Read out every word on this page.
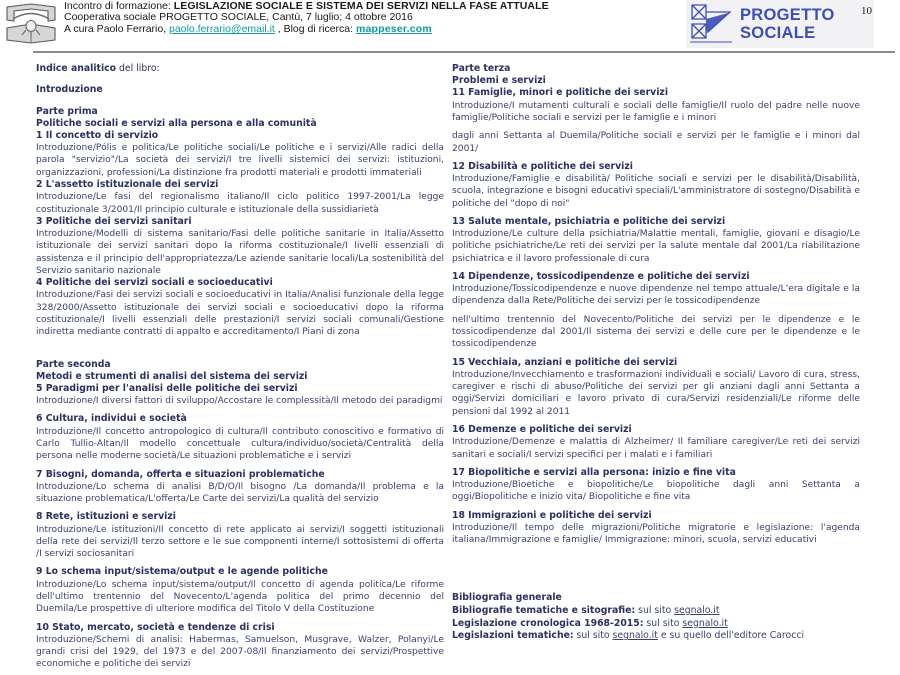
Incontro di formazione: LEGISLAZIONE SOCIALE E SISTEMA DEI SERVIZI NELLA FASE ATTUALE
Cooperativa sociale PROGETTO SOCIALE, Cantù, 7 luglio; 4 ottobre 2016
A cura Paolo Ferrario, paolo.ferrario@email.it , Blog di ricerca: mappeser.com
PROGETTO
SOCIALE
10
Indice analitico del libro:
Introduzione
Parte prima
Politiche sociali e servizi alla persona e alla comunità
1 Il concetto di servizio
Introduzione/Pólis e politica/Le politiche sociali/Le politiche e i servizi/Alle radici della parola "servizio"/La società dei servizi/I tre livelli sistemici dei servizi: istituzioni, organizzazioni, professioni/La distinzione fra prodotti materiali e prodotti immateriali
2 L'assetto istituzionale dei servizi
Introduzione/Le fasi del regionalismo italiano/Il ciclo politico 1997-2001/La legge costituzionale 3/2001/Il principio culturale e istituzionale della sussidiarietà
3 Politiche dei servizi sanitari
Introduzione/Modelli di sistema sanitario/Fasi delle politiche sanitarie in Italia/Assetto istituzionale dei servizi sanitari dopo la riforma costituzionale/I livelli essenziali di assistenza e il principio dell'appropriatezza/Le aziende sanitarie locali/La sostenibilità del Servizio sanitario nazionale
4 Politiche dei servizi sociali e socioeducativi
Introduzione/Fasi dei servizi sociali e socioeducativi in Italia/Analisi funzionale della legge 328/2000/Assetto istituzionale dei servizi sociali e socioeducativi dopo la riforma costituzionale/I livelli essenziali delle prestazioni/I servizi sociali comunali/Gestione indiretta mediante contratti di appalto e accreditamento/I Piani di zona
Parte seconda
Metodi e strumenti di analisi del sistema dei servizi
5 Paradigmi per l'analisi delle politiche dei servizi
Introduzione/I diversi fattori di sviluppo/Accostare le complessità/Il metodo dei paradigmi
6 Cultura, individui e società
Introduzione/Il concetto antropologico di cultura/Il contributo conoscitivo e formativo di Carlo Tullio-Altan/Il modello concettuale cultura/individuo/società/Centralità della persona nelle moderne società/Le situazioni problematiche e i servizi
7 Bisogni, domanda, offerta e situazioni problematiche
Introduzione/Lo schema di analisi B/D/O/Il bisogno /La domanda/Il problema e la situazione problematica/L'offerta/Le Carte dei servizi/La qualità del servizio
8 Rete, istituzioni e servizi
Introduzione/Le istituzioni/Il concetto di rete applicato ai servizi/I soggetti istituzionali della rete dei servizi/Il terzo settore e le sue componenti interne/I sottosistemi di offerta /I servizi sociosanitari
9 Lo schema input/sistema/output e le agende politiche
Introduzione/Lo schema input/sistema/output/Il concetto di agenda politica/Le riforme dell'ultimo trentennio del Novecento/L'agenda politica del primo decennio del Duemila/Le prospettive di ulteriore modifica del Titolo V della Costituzione
10 Stato, mercato, società e tendenze di crisi
Introduzione/Schemi di analisi: Habermas, Samuelson, Musgrave, Walzer, Polanyi/Le grandi crisi del 1929, del 1973 e del 2007-08/Il finanziamento dei servizi/Prospettive economiche e politiche dei servizi
Parte terza
Problemi e servizi
11 Famiglie, minori e politiche dei servizi
Introduzione/I mutamenti culturali e sociali delle famiglie/Il ruolo del padre nelle nuove famiglie/Politiche sociali e servizi per le famiglie e i minori
dagli anni Settanta al Duemila/Politiche sociali e servizi per le famiglie e i minori dal 2001/
12 Disabilità e politiche dei servizi
Introduzione/Famiglie e disabilità/ Politiche sociali e servizi per le disabilità/Disabilità, scuola, integrazione e bisogni educativi speciali/L'amministratore di sostegno/Disabilità e politiche del "dopo di noi"
13 Salute mentale, psichiatria e politiche dei servizi
Introduzione/Le culture della psichiatria/Malattie mentali, famiglie, giovani e disagio/Le politiche psichiatriche/Le reti dei servizi per la salute mentale dal 2001/La riabilitazione psichiatrica e il lavoro professionale di cura
14 Dipendenze, tossicodipendenze e politiche dei servizi
Introduzione/Tossicodipendenze e nuove dipendenze nel tempo attuale/L'era digitale e la dipendenza dalla Rete/Politiche dei servizi per le tossicodipendenze
nell'ultimo trentennio del Novecento/Politiche dei servizi per le dipendenze e le tossicodipendenze dal 2001/Il sistema dei servizi e delle cure per le dipendenze e le tossicodipendenze
15 Vecchiaia, anziani e politiche dei servizi
Introduzione/Invecchiamento e trasformazioni individuali e sociali/ Lavoro di cura, stress, caregiver e rischi di abuso/Politiche dei servizi per gli anziani dagli anni Settanta a oggi/Servizi domiciliari e lavoro privato di cura/Servizi residenziali/Le riforme delle pensioni dal 1992 al 2011
16 Demenze e politiche dei servizi
Introduzione/Demenze e malattia di Alzheimer/ Il familiare caregiver/Le reti dei servizi sanitari e sociali/I servizi specifici per i malati e i familiari
17 Biopolitiche e servizi alla persona: inizio e fine vita
Introduzione/Bioetiche e biopolitiche/Le biopolitiche dagli anni Settanta a oggi/Biopolitiche e inizio vita/ Biopolitiche e fine vita
18 Immigrazioni e politiche dei servizi
Introduzione/Il tempo delle migrazioni/Politiche migratorie e legislazione: l'agenda italiana/Immigrazione e famiglie/ Immigrazione: minori, scuola, servizi educativi
Bibliografia generale
Bibliografie tematiche e sitografie: sul sito segnalo.it
Legislazione cronologica 1968-2015: sul sito segnalo.it
Legislazioni tematiche: sul sito segnalo.it e su quello dell'editore Carocci
